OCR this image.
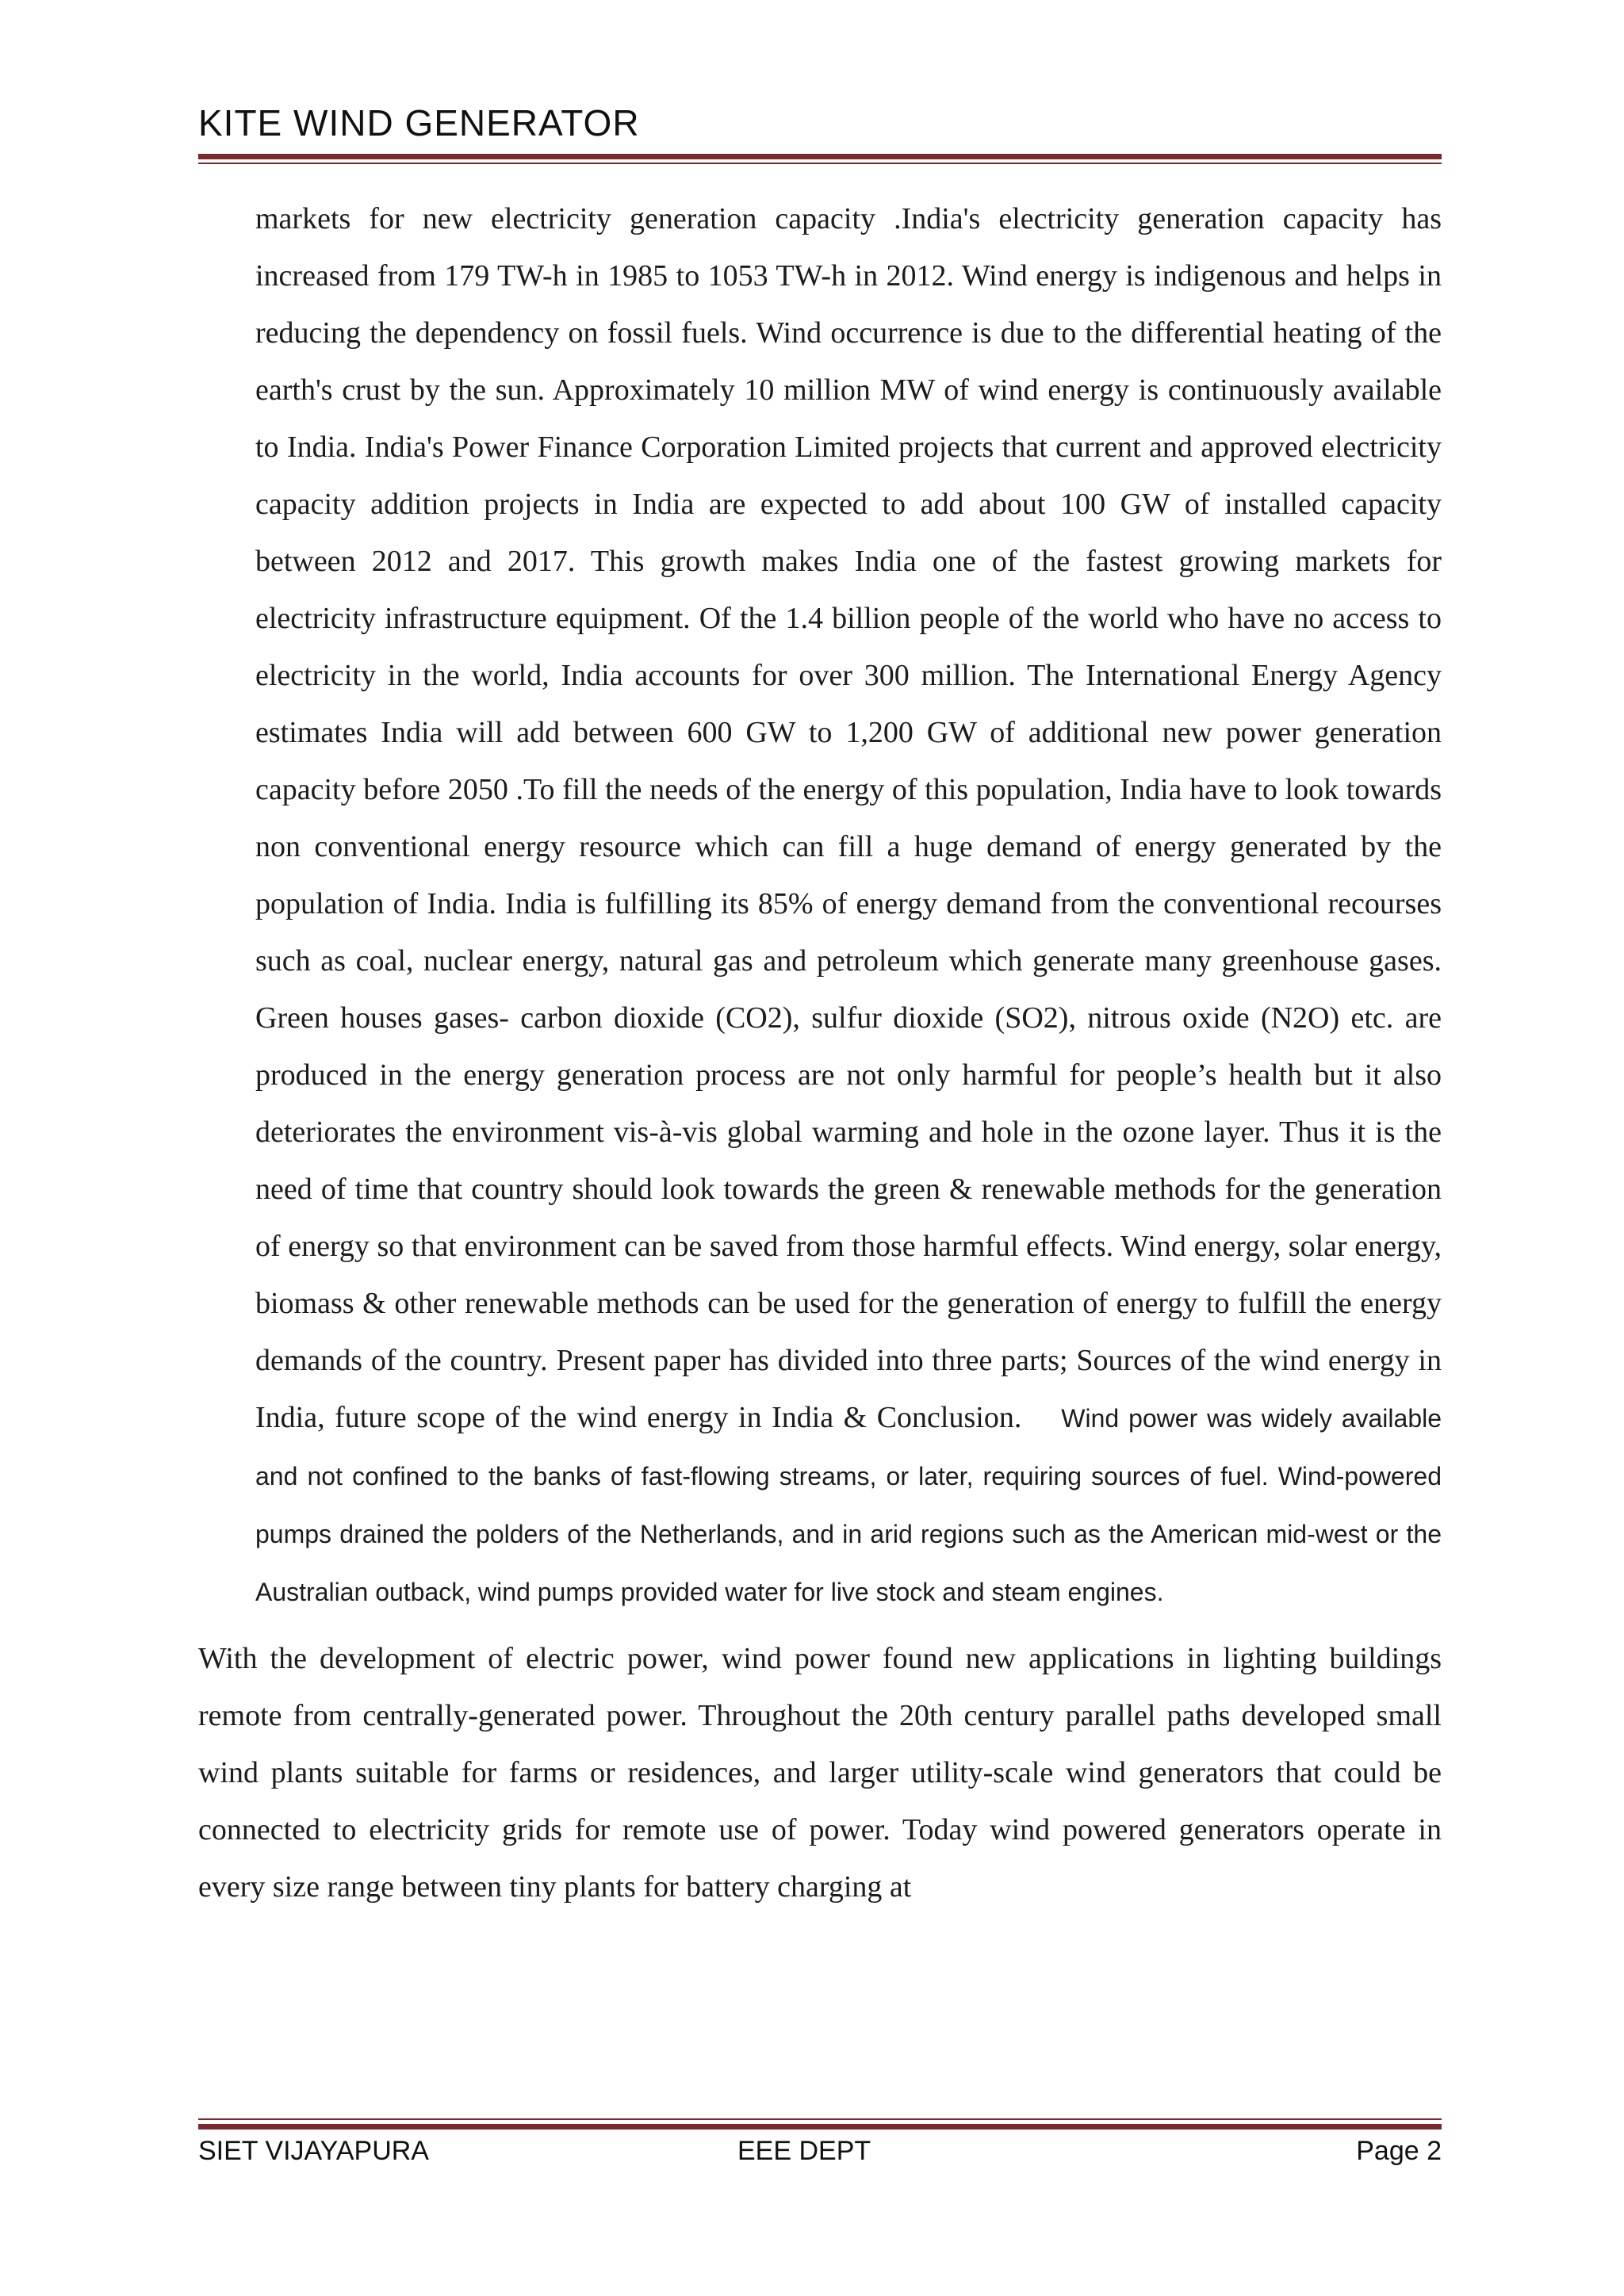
KITE WIND GENERATOR

markets for new electricity generation capacity .India's electricity generation capacity has increased from 179 TW-h in 1985 to 1053 TW-h in 2012. Wind energy is indigenous and helps in reducing the dependency on fossil fuels. Wind occurrence is due to the differential heating of the earth's crust by the sun. Approximately 10 million MW of wind energy is continuously available to India. India's Power Finance Corporation Limited projects that current and approved electricity capacity addition projects in India are expected to add about 100 GW of installed capacity between 2012 and 2017. This growth makes India one of the fastest growing markets for electricity infrastructure equipment. Of the 1.4 billion people of the world who have no access to electricity in the world, India accounts for over 300 million. The International Energy Agency estimates India will add between 600 GW to 1,200 GW of additional new power generation capacity before 2050 .To fill the needs of the energy of this population, India have to look towards non conventional energy resource which can fill a huge demand of energy generated by the population of India. India is fulfilling its 85% of energy demand from the conventional recourses such as coal, nuclear energy, natural gas and petroleum which generate many greenhouse gases. Green houses gases- carbon dioxide (CO2), sulfur dioxide (SO2), nitrous oxide (N2O) etc. are produced in the energy generation process are not only harmful for people’s health but it also deteriorates the environment vis-à-vis global warming and hole in the ozone layer. Thus it is the need of time that country should look towards the green & renewable methods for the generation of energy so that environment can be saved from those harmful effects. Wind energy, solar energy, biomass & other renewable methods can be used for the generation of energy to fulfill the energy demands of the country. Present paper has divided into three parts; Sources of the wind energy in India, future scope of the wind energy in India & Conclusion. Wind power was widely available and not confined to the banks of fast-flowing streams, or later, requiring sources of fuel. Wind-powered pumps drained the polders of the Netherlands, and in arid regions such as the American mid-west or the Australian outback, wind pumps provided water for live stock and steam engines.

With the development of electric power, wind power found new applications in lighting buildings remote from centrally-generated power. Throughout the 20th century parallel paths developed small wind plants suitable for farms or residences, and larger utility-scale wind generators that could be connected to electricity grids for remote use of power. Today wind powered generators operate in every size range between tiny plants for battery charging at

SIET VIJAYAPURA	EEE DEPT	Page 2
